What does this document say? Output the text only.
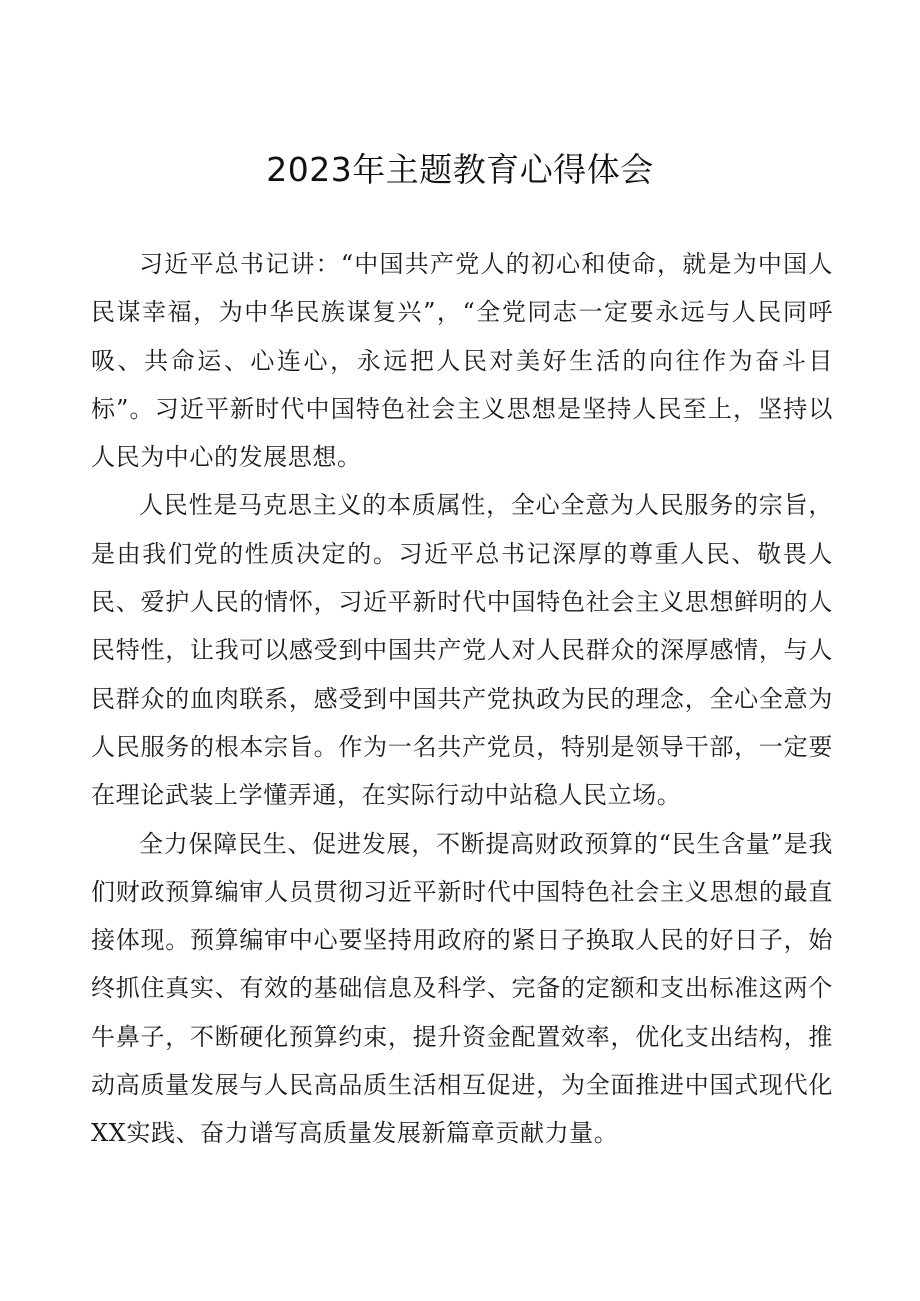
2023年主题教育心得体会

习近平总书记讲：“中国共产党人的初心和使命，就是为中国人民谋幸福，为中华民族谋复兴”，“全党同志一定要永远与人民同呼吸、共命运、心连心，永远把人民对美好生活的向往作为奋斗目标”。习近平新时代中国特色社会主义思想是坚持人民至上，坚持以人民为中心的发展思想。

人民性是马克思主义的本质属性，全心全意为人民服务的宗旨，是由我们党的性质决定的。习近平总书记深厚的尊重人民、敬畏人民、爱护人民的情怀，习近平新时代中国特色社会主义思想鲜明的人民特性，让我可以感受到中国共产党人对人民群众的深厚感情，与人民群众的血肉联系，感受到中国共产党执政为民的理念，全心全意为人民服务的根本宗旨。作为一名共产党员，特别是领导干部，一定要在理论武装上学懂弄通，在实际行动中站稳人民立场。

全力保障民生、促进发展，不断提高财政预算的“民生含量”是我们财政预算编审人员贯彻习近平新时代中国特色社会主义思想的最直接体现。预算编审中心要坚持用政府的紧日子换取人民的好日子，始终抓住真实、有效的基础信息及科学、完备的定额和支出标准这两个牛鼻子，不断硬化预算约束，提升资金配置效率，优化支出结构，推动高质量发展与人民高品质生活相互促进，为全面推进中国式现代化XX实践、奋力谱写高质量发展新篇章贡献力量。
